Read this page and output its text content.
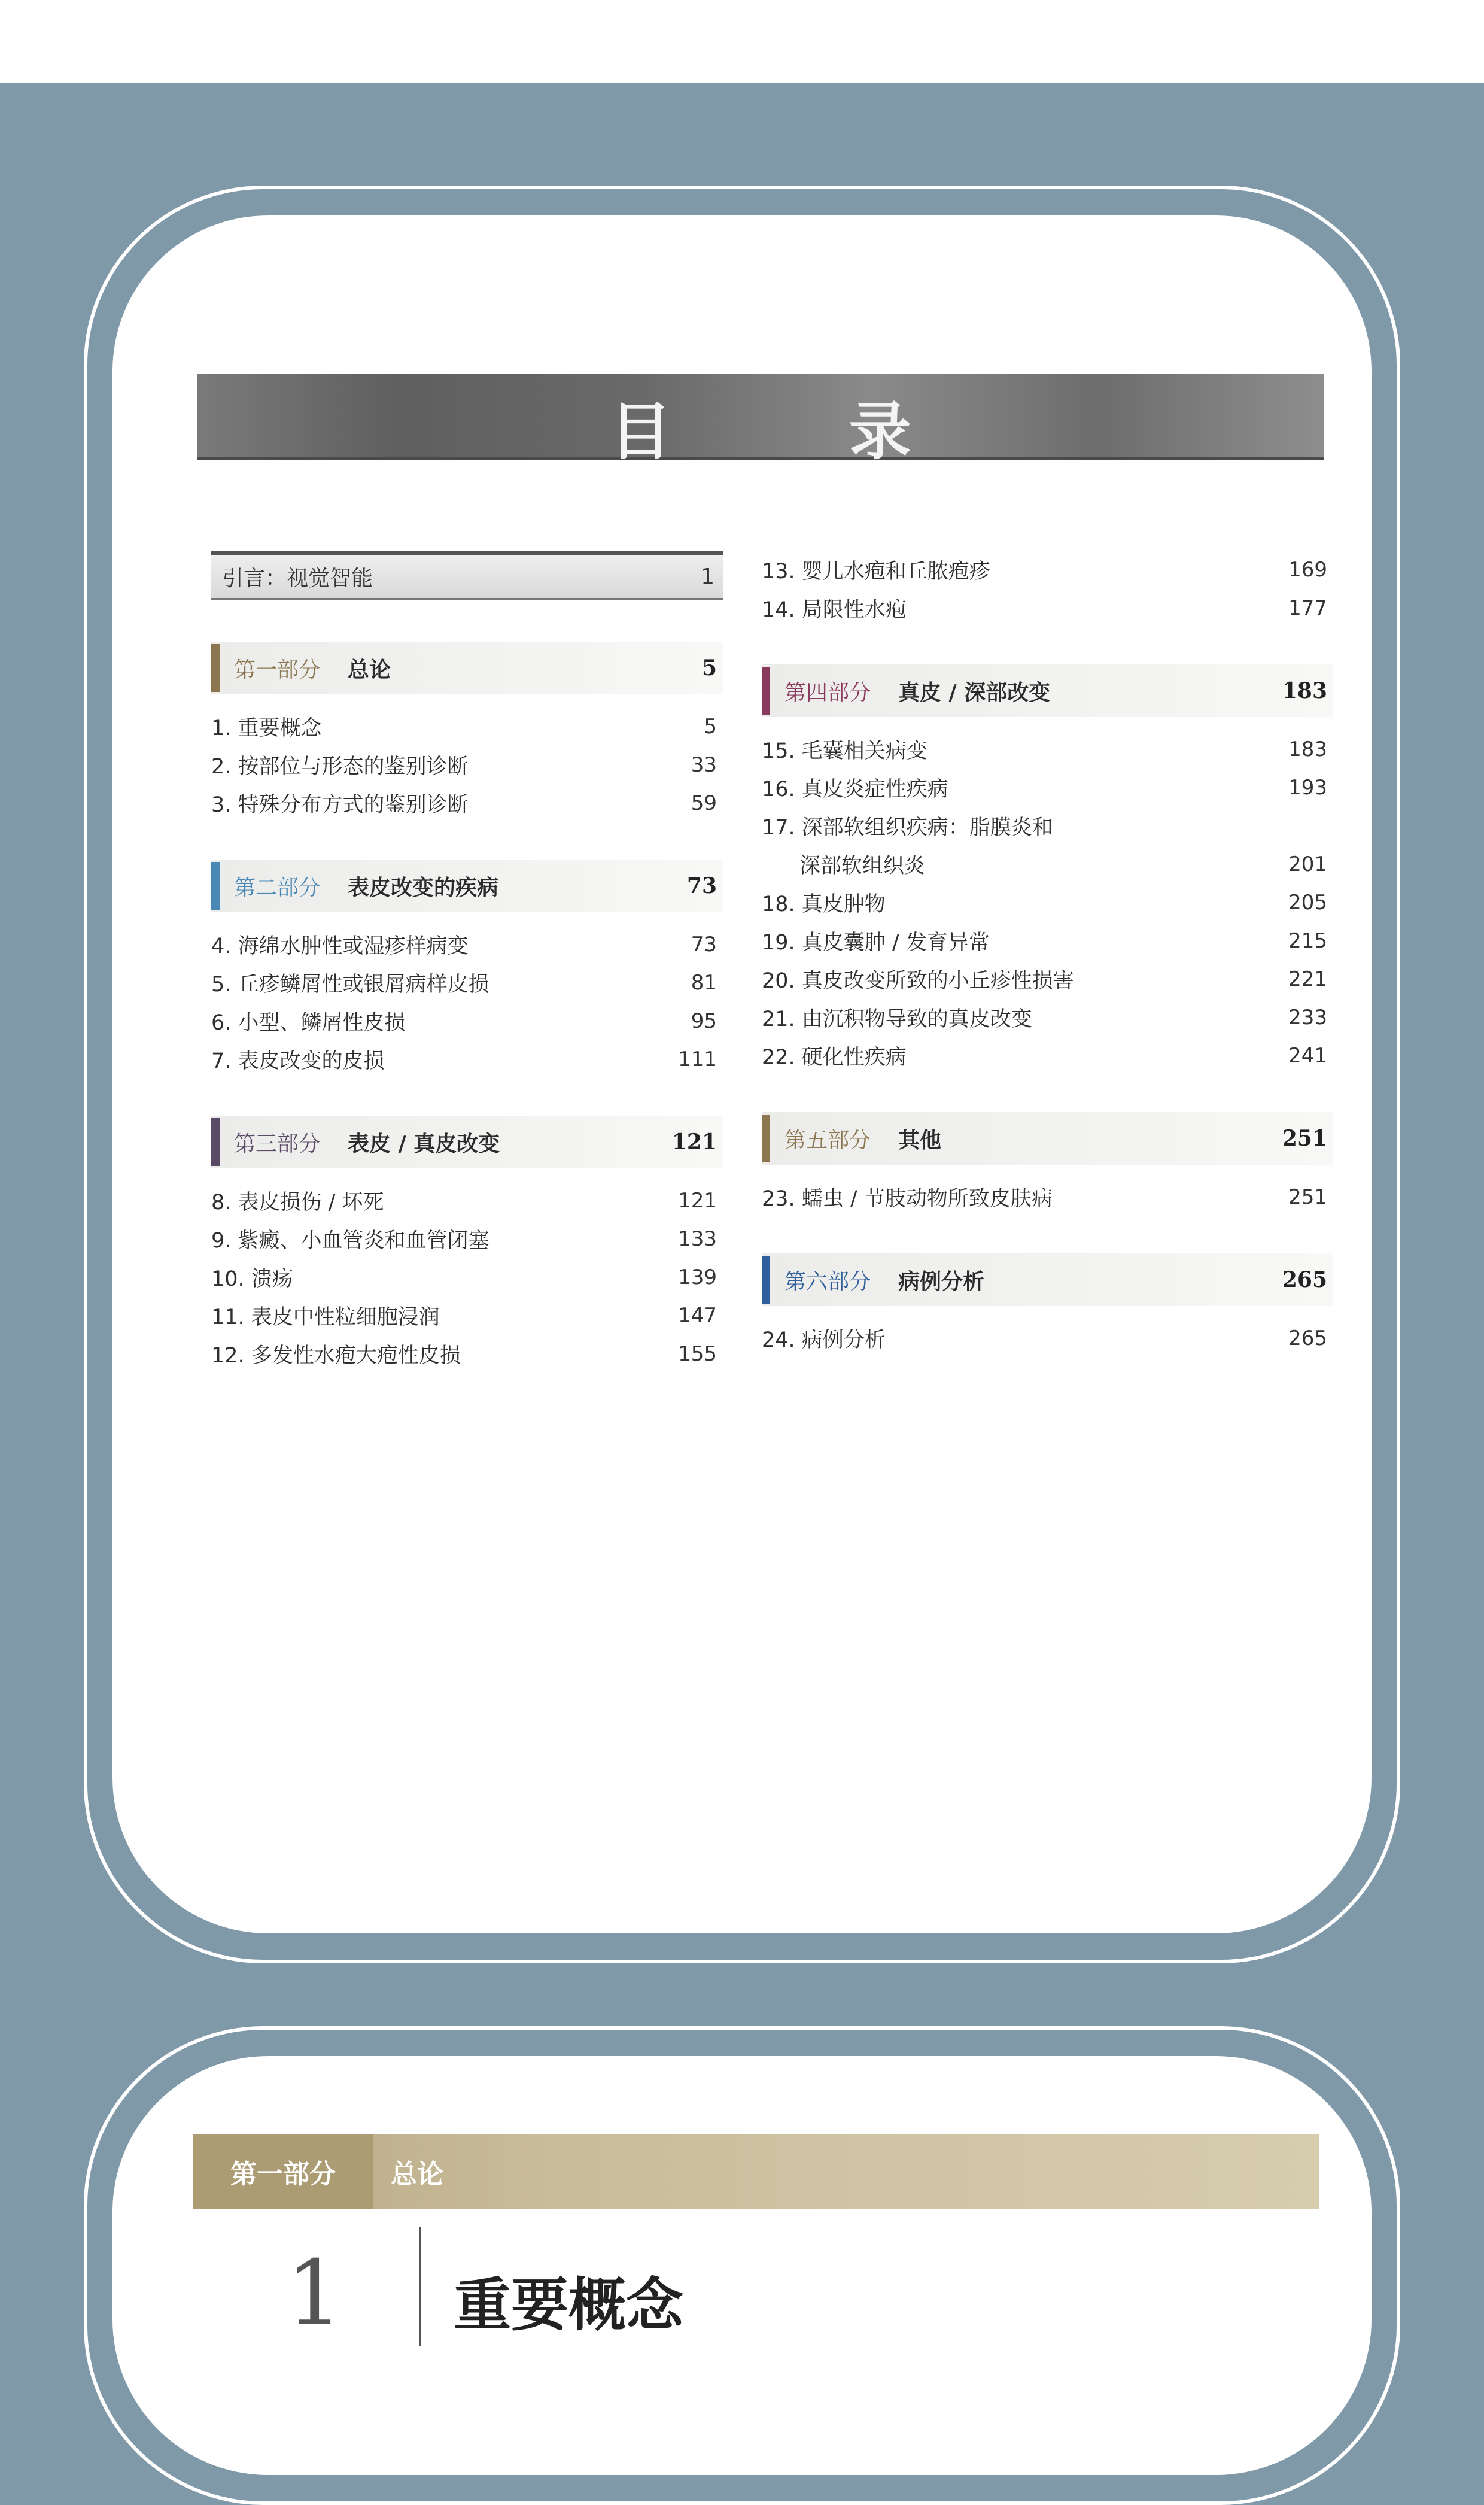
目 录
引言：视觉智能	1
第一部分 总论	5
1. 重要概念	5
2. 按部位与形态的鉴别诊断	33
3. 特殊分布方式的鉴别诊断	59
第二部分 表皮改变的疾病	73
4. 海绵水肿性或湿疹样病变	73
5. 丘疹鳞屑性或银屑病样皮损	81
6. 小型、鳞屑性皮损	95
7. 表皮改变的皮损	111
第三部分 表皮 / 真皮改变	121
8. 表皮损伤 / 坏死	121
9. 紫癜、小血管炎和血管闭塞	133
10. 溃疡	139
11. 表皮中性粒细胞浸润	147
12. 多发性水疱大疱性皮损	155
13. 婴儿水疱和丘脓疱疹	169
14. 局限性水疱	177
第四部分 真皮 / 深部改变	183
15. 毛囊相关病变	183
16. 真皮炎症性疾病	193
17. 深部软组织疾病：脂膜炎和
深部软组织炎	201
18. 真皮肿物	205
19. 真皮囊肿 / 发育异常	215
20. 真皮改变所致的小丘疹性损害	221
21. 由沉积物导致的真皮改变	233
22. 硬化性疾病	241
第五部分 其他	251
23. 蠕虫 / 节肢动物所致皮肤病	251
第六部分 病例分析	265
24. 病例分析	265
第一部分	总论
1 重要概念
